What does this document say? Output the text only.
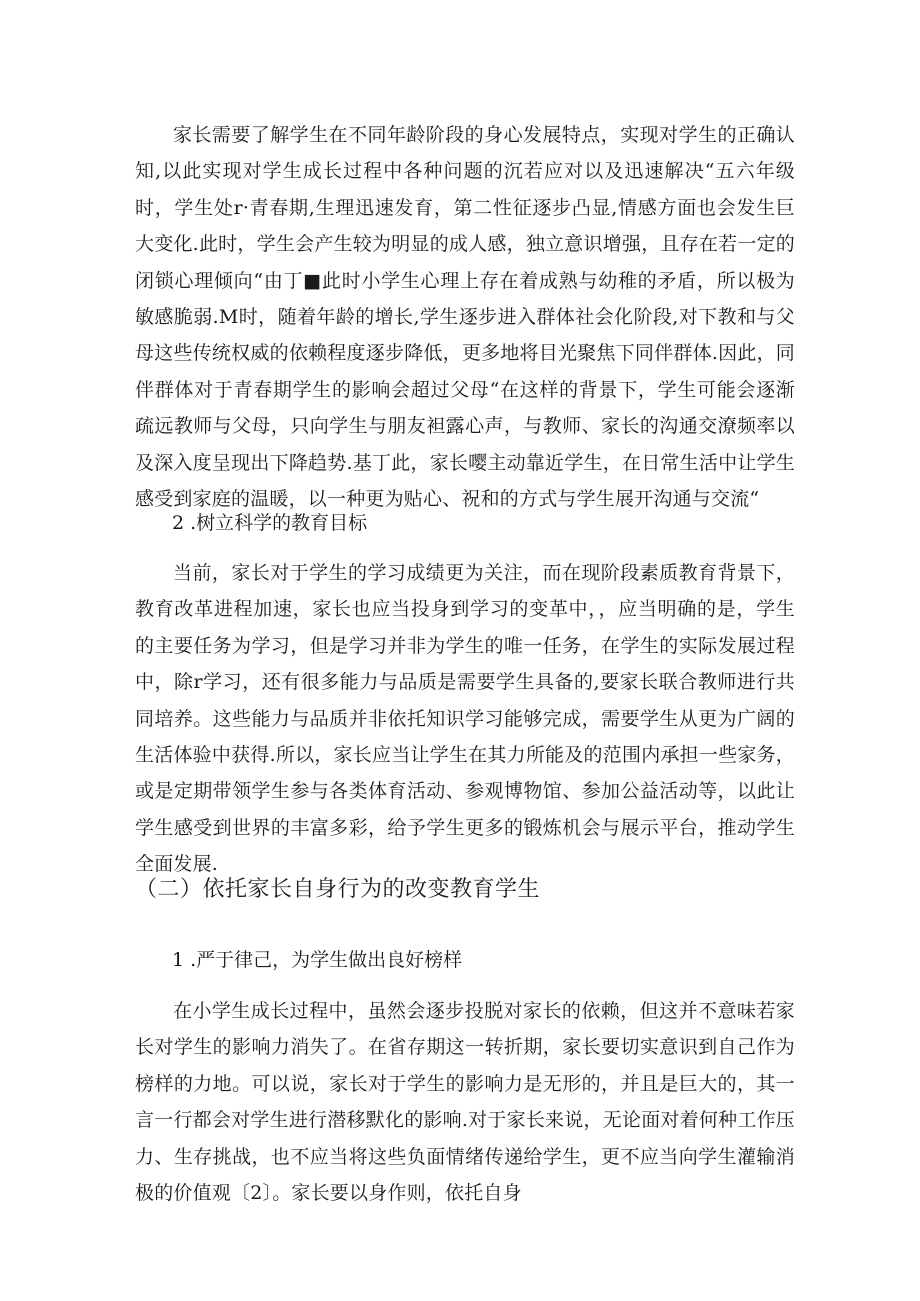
家长需要了解学生在不同年龄阶段的身心发展特点，实现对学生的正确认知,以此实现对学生成长过程中各种问题的沉若应对以及迅速解决“五六年级时，学生处r·青春期,生理迅速发育，第二性征逐步凸显,情感方面也会发生巨大变化.此时，学生会产生较为明显的成人感，独立意识增强，且存在若一定的闭锁心理倾向“由丁■此时小学生心理上存在着成熟与幼稚的矛盾，所以极为敏感脆弱.M时，随着年龄的增长,学生逐步进入群体社会化阶段,对下教和与父母这些传统权威的依赖程度逐步降低，更多地将目光聚焦下同伴群体.因此，同伴群体对于青春期学生的影响会超过父母“在这样的背景下，学生可能会逐渐疏远教师与父母，只向学生与朋友袒露心声，与教师、家长的沟通交潦频率以及深入度呈现出下降趋势.基丁此，家长嘤主动靠近学生，在日常生活中让学生感受到家庭的温暖，以一种更为贴心、祝和的方式与学生展开沟通与交流“

2 .树立科学的教育目标

当前，家长对于学生的学习成绩更为关注，而在现阶段素质教育背景下，教育改革进程加速，家长也应当投身到学习的变革中，，应当明确的是，学生的主要任务为学习，但是学习并非为学生的唯一任务，在学生的实际发展过程中，除r学习，还有很多能力与品质是需要学生具备的,要家长联合教师进行共同培养。这些能力与品质并非依托知识学习能够完成，需要学生从更为广阔的生活体验中获得.所以，家长应当让学生在其力所能及的范围内承担一些家务，或是定期带领学生参与各类体育活动、参观博物馆、参加公益活动等，以此让学生感受到世界的丰富多彩，给予学生更多的锻炼机会与展示平台，推动学生全面发展.

（二）依托家长自身行为的改变教育学生

1 .严于律己，为学生做出良好榜样

在小学生成长过程中，虽然会逐步投脱对家长的依赖，但这并不意味若家长对学生的影响力消失了。在省存期这一转折期，家长要切实意识到自己作为榜样的力地。可以说，家长对于学生的影响力是无形的，并且是巨大的，其一言一行都会对学生进行潜移默化的影响.对于家长来说，无论面对着何种工作压力、生存挑战，也不应当将这些负面情绪传递给学生，更不应当向学生灌输消极的价值观〔2〕。家长要以身作则，依托自身
